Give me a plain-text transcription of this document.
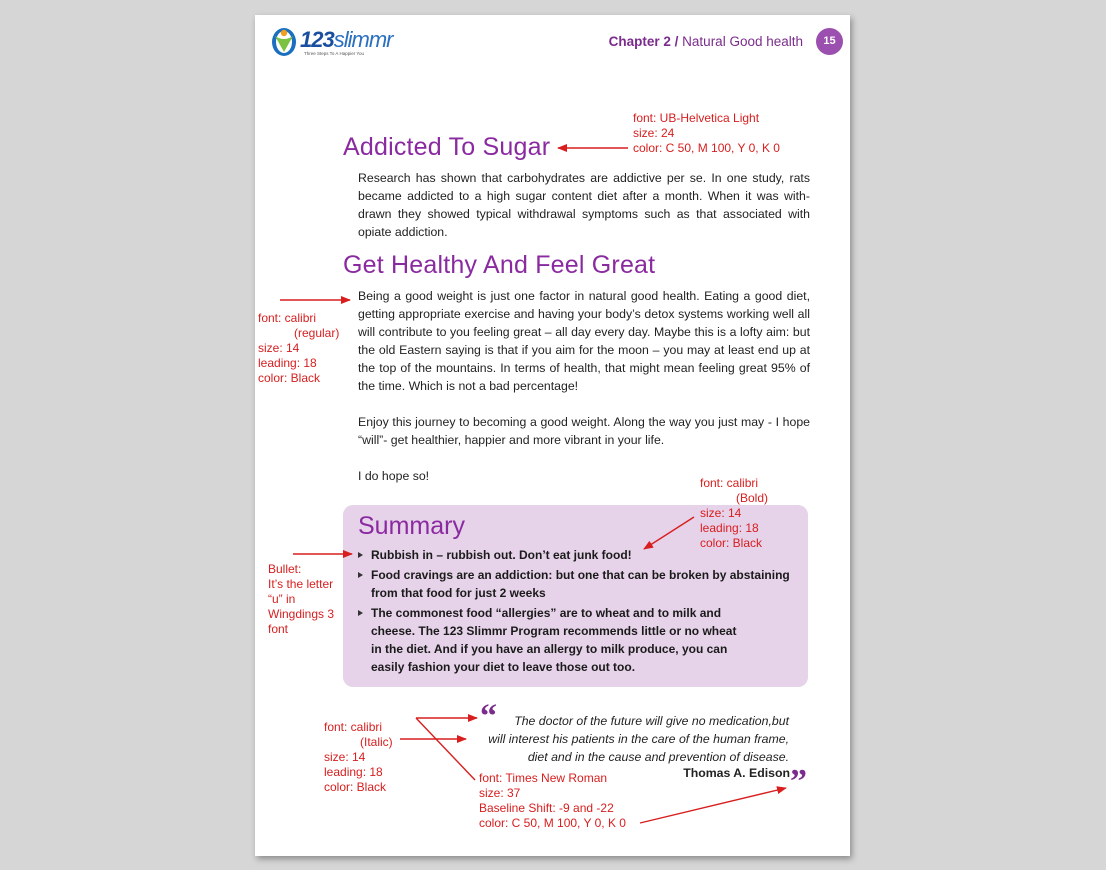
123slimmr
Three Steps To A Happier You
Chapter 2 / Natural Good health	15
Addicted To Sugar

Research has shown that carbohydrates are addictive per se. In one study, rats became addicted to a high sugar content diet after a month. When it was with-drawn they showed typical withdrawal symptoms such as that associated with opiate addiction.

Get Healthy And Feel Great

Being a good weight is just one factor in natural good health. Eating a good diet, getting appropriate exercise and having your body’s detox systems working well all will contribute to you feeling great – all day every day. Maybe this is a lofty aim: but the old Eastern saying is that if you aim for the moon – you may at least end up at the top of the mountains. In terms of health, that might mean feeling great 95% of the time. Which is not a bad percentage!

Enjoy this journey to becoming a good weight. Along the way you just may - I hope “will”- get healthier, happier and more vibrant in your life.

I do hope so!

Summary
Rubbish in – rubbish out. Don’t eat junk food!
Food cravings are an addiction: but one that can be broken by abstaining from that food for just 2 weeks
The commonest food “allergies” are to wheat and to milk and cheese. The 123 Slimmr Program recommends little or no wheat in the diet. And if you have an allergy to milk produce, you can easily fashion your diet to leave those out too.
“	The doctor of the future will give no medication,but
will interest his patients in the care of the human frame,
diet and in the cause and prevention of disease.
Thomas A. Edison ”
font: UB-Helvetica Light
size: 24
color: C 50, M 100, Y 0, K 0
font: calibri
(regular)
size: 14
leading: 18
color: Black
font: calibri
(Bold)
size: 14
leading: 18
color: Black
Bullet:
It’s the letter
“u” in
Wingdings 3
font
font: calibri
(Italic)
size: 14
leading: 18
color: Black
font: Times New Roman
size: 37
Baseline Shift: -9 and -22
color: C 50, M 100, Y 0, K 0
